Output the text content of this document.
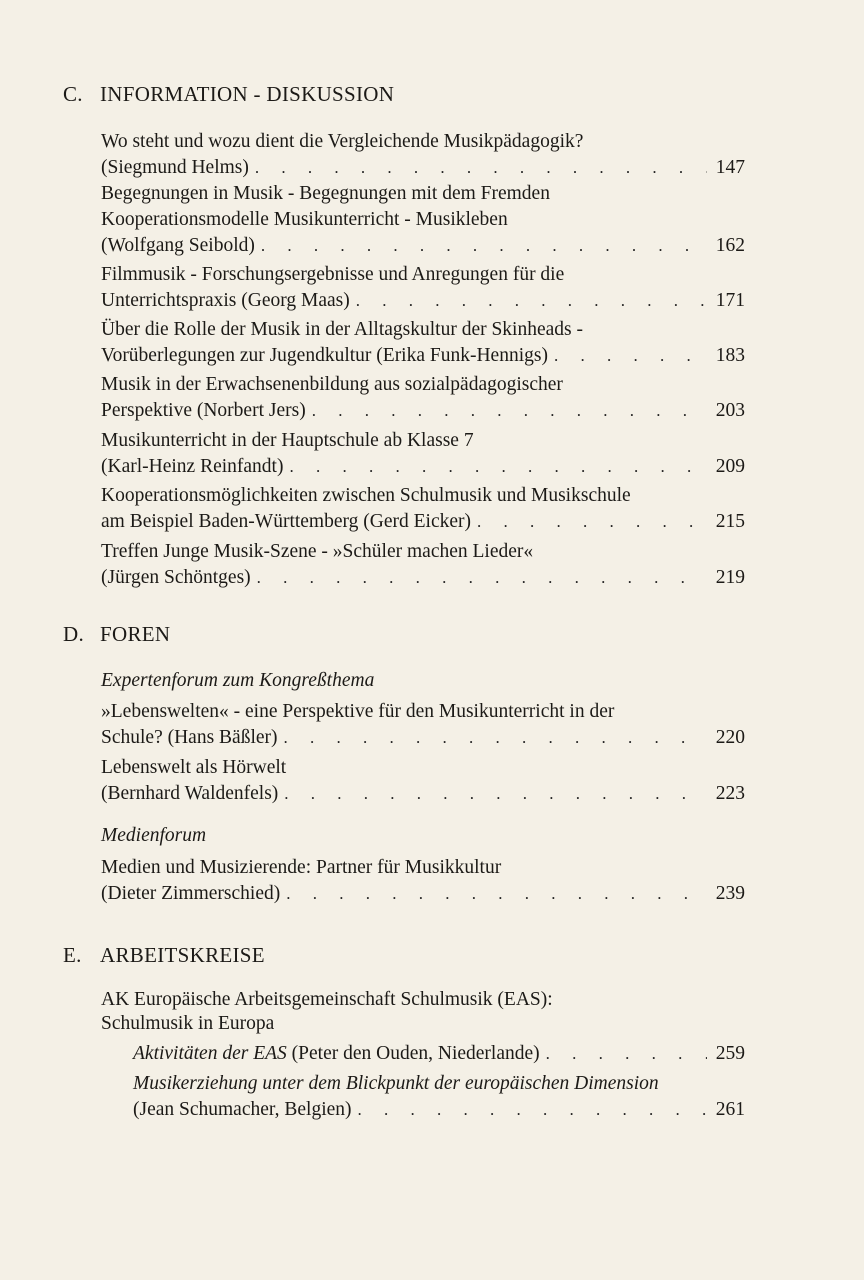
C. INFORMATION - DISKUSSION
Wo steht und wozu dient die Vergleichende Musikpädagogik?
(Siegmund Helms) . . .	147
Begegnungen in Musik - Begegnungen mit dem Fremden
Kooperationsmodelle Musikunterricht - Musikleben
(Wolfgang Seibold) . . .	162
Filmmusik - Forschungsergebnisse und Anregungen für die
Unterrichtspraxis (Georg Maas) . . .	171
Über die Rolle der Musik in der Alltagskultur der Skinheads -
Vorüberlegungen zur Jugendkultur (Erika Funk-Hennigs) . . .	183
Musik in der Erwachsenenbildung aus sozialpädagogischer
Perspektive (Norbert Jers) . . .	203
Musikunterricht in der Hauptschule ab Klasse 7
(Karl-Heinz Reinfandt) . . .	209
Kooperationsmöglichkeiten zwischen Schulmusik und Musikschule
am Beispiel Baden-Württemberg (Gerd Eicker) . . .	215
Treffen Junge Musik-Szene - »Schüler machen Lieder«
(Jürgen Schöntges) . . .	219
D. FOREN
Expertenforum zum Kongreßthema
»Lebenswelten« - eine Perspektive für den Musikunterricht in der
Schule? (Hans Bäßler) . . .	220
Lebenswelt als Hörwelt
(Bernhard Waldenfels) . . .	223
Medienforum
Medien und Musizierende: Partner für Musikkultur
(Dieter Zimmerschied) . . .	239
E. ARBEITSKREISE
AK Europäische Arbeitsgemeinschaft Schulmusik (EAS):
Schulmusik in Europa
Aktivitäten der EAS (Peter den Ouden, Niederlande) . . .	259
Musikerziehung unter dem Blickpunkt der europäischen Dimension
(Jean Schumacher, Belgien) . . .	261
